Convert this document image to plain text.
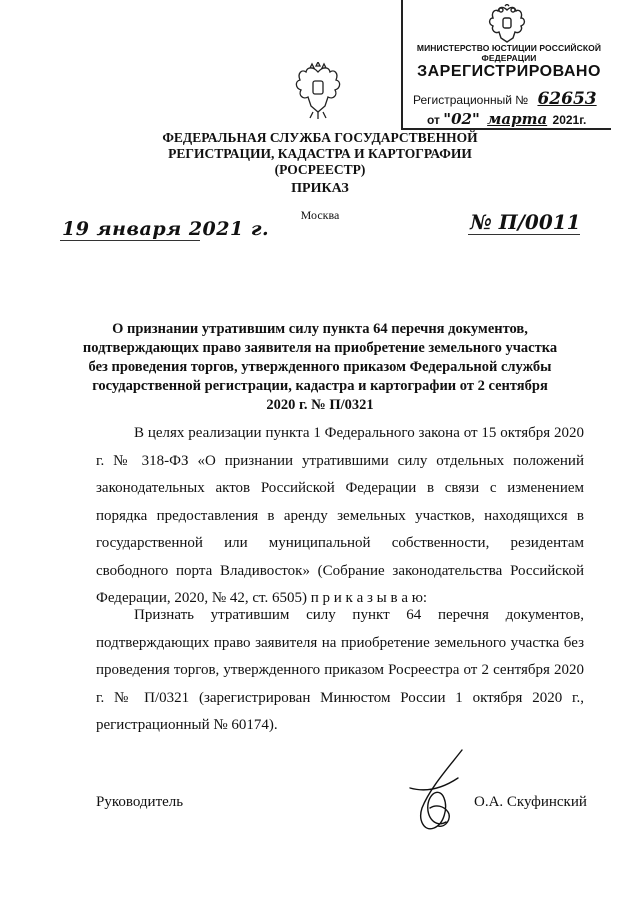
МИНИСТЕРСТВО ЮСТИЦИИ РОССИЙСКОЙ ФЕДЕРАЦИИ
ЗАРЕГИСТРИРОВАНО
Регистрационный № 62653
от "02" марта 2021г.
ФЕДЕРАЛЬНАЯ СЛУЖБА ГОСУДАРСТВЕННОЙ
РЕГИСТРАЦИИ, КАДАСТРА И КАРТОГРАФИИ
(РОСРЕЕСТР)
ПРИКАЗ
Москва
19 января 2021 г.	№ П/0011
О признании утратившим силу пункта 64 перечня документов, подтверждающих право заявителя на приобретение земельного участка без проведения торгов, утвержденного приказом Федеральной службы государственной регистрации, кадастра и картографии от 2 сентября 2020 г. № П/0321
В целях реализации пункта 1 Федерального закона от 15 октября 2020 г. № 318-ФЗ «О признании утратившими силу отдельных положений законодательных актов Российской Федерации в связи с изменением порядка предоставления в аренду земельных участков, находящихся в государственной или муниципальной собственности, резидентам свободного порта Владивосток» (Собрание законодательства Российской Федерации, 2020, № 42, ст. 6505) п р и к а з ы в а ю:
Признать утратившим силу пункт 64 перечня документов, подтверждающих право заявителя на приобретение земельного участка без проведения торгов, утвержденного приказом Росреестра от 2 сентября 2020 г. № П/0321 (зарегистрирован Минюстом России 1 октября 2020 г., регистрационный № 60174).
Руководитель	О.А. Скуфинский
